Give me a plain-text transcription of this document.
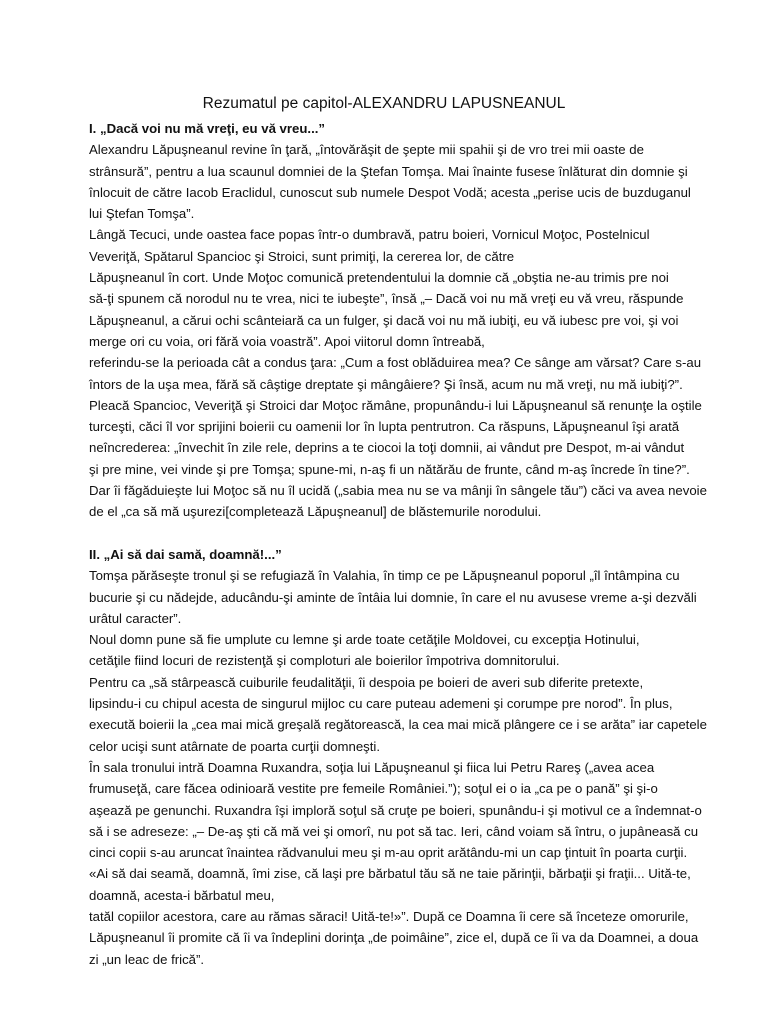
Rezumatul pe capitol-ALEXANDRU LAPUSNEANUL
I. „Dacă voi nu mă vreţi, eu vă vreu...”
Alexandru Lăpuşneanul revine în ţară, „întovărăşit de şepte mii spahii şi de vro trei mii oaste de
strânsură”, pentru a lua scaunul domniei de la Ştefan Tomşa. Mai înainte fusese înlăturat din domnie şi
înlocuit de către Iacob Eraclidul, cunoscut sub numele Despot Vodă; acesta „perise ucis de buzduganul
lui Ştefan Tomşa”.
Lângă Tecuci, unde oastea face popas într-o dumbravă, patru boieri, Vornicul Moţoc, Postelnicul
Veveriţă, Spătarul Spancioc şi Stroici, sunt primiţi, la cererea lor, de către
Lăpuşneanul în cort. Unde Moţoc comunică pretendentului la domnie că „obştia ne-au trimis pre noi
să-ţi spunem că norodul nu te vrea, nici te iubeşte”, însă „– Dacă voi nu mă vreţi eu vă vreu, răspunde
Lăpuşneanul, a cărui ochi scânteiară ca un fulger, şi dacă voi nu mă iubiţi, eu vă iubesc pre voi, şi voi
merge ori cu voia, ori fără voia voastră”. Apoi viitorul domn întreabă,
referindu-se la perioada cât a condus ţara: „Cum a fost oblăduirea mea? Ce sânge am vărsat? Care s-au
întors de la uşa mea, fără să câştige dreptate şi mângâiere? Şi însă, acum nu mă vreţi, nu mă iubiţi?”.
Pleacă Spancioc, Veveriţă şi Stroici dar Moţoc rămâne, propunându-i lui Lăpuşneanul să renunţe la oştile
turceşti, căci îl vor sprijini boierii cu oamenii lor în lupta pentrutron. Ca răspuns, Lăpuşneanul îşi arată
neîncrederea: „învechit în zile rele, deprins a te ciocoi la toţi domnii, ai vândut pre Despot, m-ai vândut
şi pre mine, vei vinde şi pre Tomşa; spune-mi, n-aş fi un nătărău de frunte, când m-aş încrede în tine?”.
Dar îi făgăduieşte lui Moţoc să nu îl ucidă („sabia mea nu se va mânji în sângele tău”) căci va avea nevoie
de el „ca să mă uşurezi[completează Lăpuşneanul] de blăstemurile norodului.
II. „Ai să dai samă, doamnă!...”
Tomşa părăseşte tronul şi se refugiază în Valahia, în timp ce pe Lăpuşneanul poporul „îl întâmpina cu
bucurie şi cu nădejde, aducându-şi aminte de întâia lui domnie, în care el nu avusese vreme a-şi dezvăli
urâtul caracter”.
Noul domn pune să fie umplute cu lemne şi arde toate cetăţile Moldovei, cu excepţia Hotinului,
cetăţile fiind locuri de rezistenţă şi comploturi ale boierilor împotriva domnitorului.
Pentru ca „să stârpească cuiburile feudalităţii, îi despoia pe boieri de averi sub diferite pretexte,
lipsindu-i cu chipul acesta de singurul mijloc cu care puteau ademeni şi corumpe pre norod”. În plus,
execută boierii la „cea mai mică greşală regătorească, la cea mai mică plângere ce i se arăta” iar capetele
celor ucişi sunt atârnate de poarta curţii domneşti.
În sala tronului intră Doamna Ruxandra, soţia lui Lăpuşneanul şi fiica lui Petru Rareş („avea acea
frumuseţă, care făcea odinioară vestite pre femeile României.”); soţul ei o ia „ca pe o pană” şi şi-o
aşează pe genunchi. Ruxandra îşi imploră soţul să cruţe pe boieri, spunându-i şi motivul ce a îndemnat-o
să i se adreseze: „– De-aş şti că mă vei şi omorî, nu pot să tac. Ieri, când voiam să întru, o jupâneasă cu
cinci copii s-au aruncat înaintea rădvanului meu şi m-au oprit arătându-mi un cap ţintuit în poarta curţii.
«Ai să dai seamă, doamnă, îmi zise, că laşi pre bărbatul tău să ne taie părinţii, bărbaţii şi fraţii... Uită-te,
doamnă, acesta-i bărbatul meu,
tatăl copiilor acestora, care au rămas săraci! Uită-te!»”. După ce Doamna îi cere să înceteze omorurile,
Lăpuşneanul îi promite că îi va îndeplini dorinţa „de poimâine”, zice el, după ce îi va da Doamnei, a doua
zi „un leac de frică”.
